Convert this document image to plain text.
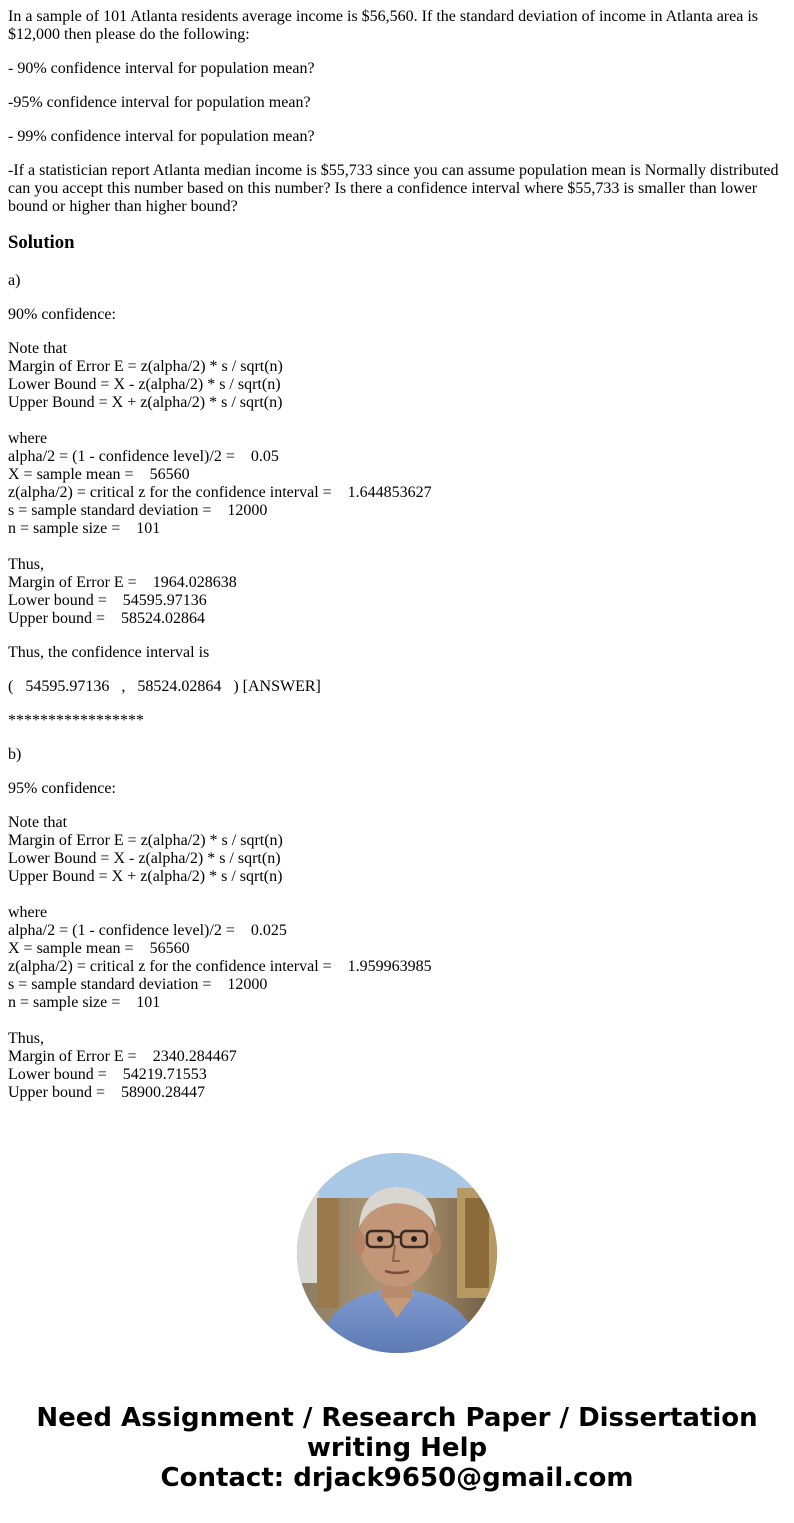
In a sample of 101 Atlanta residents average income is $56,560. If the standard deviation of income in Atlanta area is $12,000 then please do the following:

- 90% confidence interval for population mean?

-95% confidence interval for population mean?

- 99% confidence interval for population mean?

-If a statistician report Atlanta median income is $55,733 since you can assume population mean is Normally distributed can you accept this number based on this number? Is there a confidence interval where $55,733 is smaller than lower bound or higher than higher bound?

Solution

a)

90% confidence:

Note that
Margin of Error E = z(alpha/2) * s / sqrt(n)
Lower Bound = X - z(alpha/2) * s / sqrt(n)
Upper Bound = X + z(alpha/2) * s / sqrt(n)
where
alpha/2 = (1 - confidence level)/2 =    0.05
X = sample mean =    56560
z(alpha/2) = critical z for the confidence interval =    1.644853627
s = sample standard deviation =    12000
n = sample size =    101
Thus,
Margin of Error E =    1964.028638
Lower bound =    54595.97136
Upper bound =    58524.02864

Thus, the confidence interval is

(   54595.97136   ,   58524.02864   ) [ANSWER]

*****************

b)

95% confidence:

Note that
Margin of Error E = z(alpha/2) * s / sqrt(n)
Lower Bound = X - z(alpha/2) * s / sqrt(n)
Upper Bound = X + z(alpha/2) * s / sqrt(n)
where
alpha/2 = (1 - confidence level)/2 =    0.025
X = sample mean =    56560
z(alpha/2) = critical z for the confidence interval =    1.959963985
s = sample standard deviation =    12000
n = sample size =    101
Thus,
Margin of Error E =    2340.284467
Lower bound =    54219.71553
Upper bound =    58900.28447
Need Assignment / Research Paper / Dissertation
writing Help
Contact: drjack9650@gmail.com
